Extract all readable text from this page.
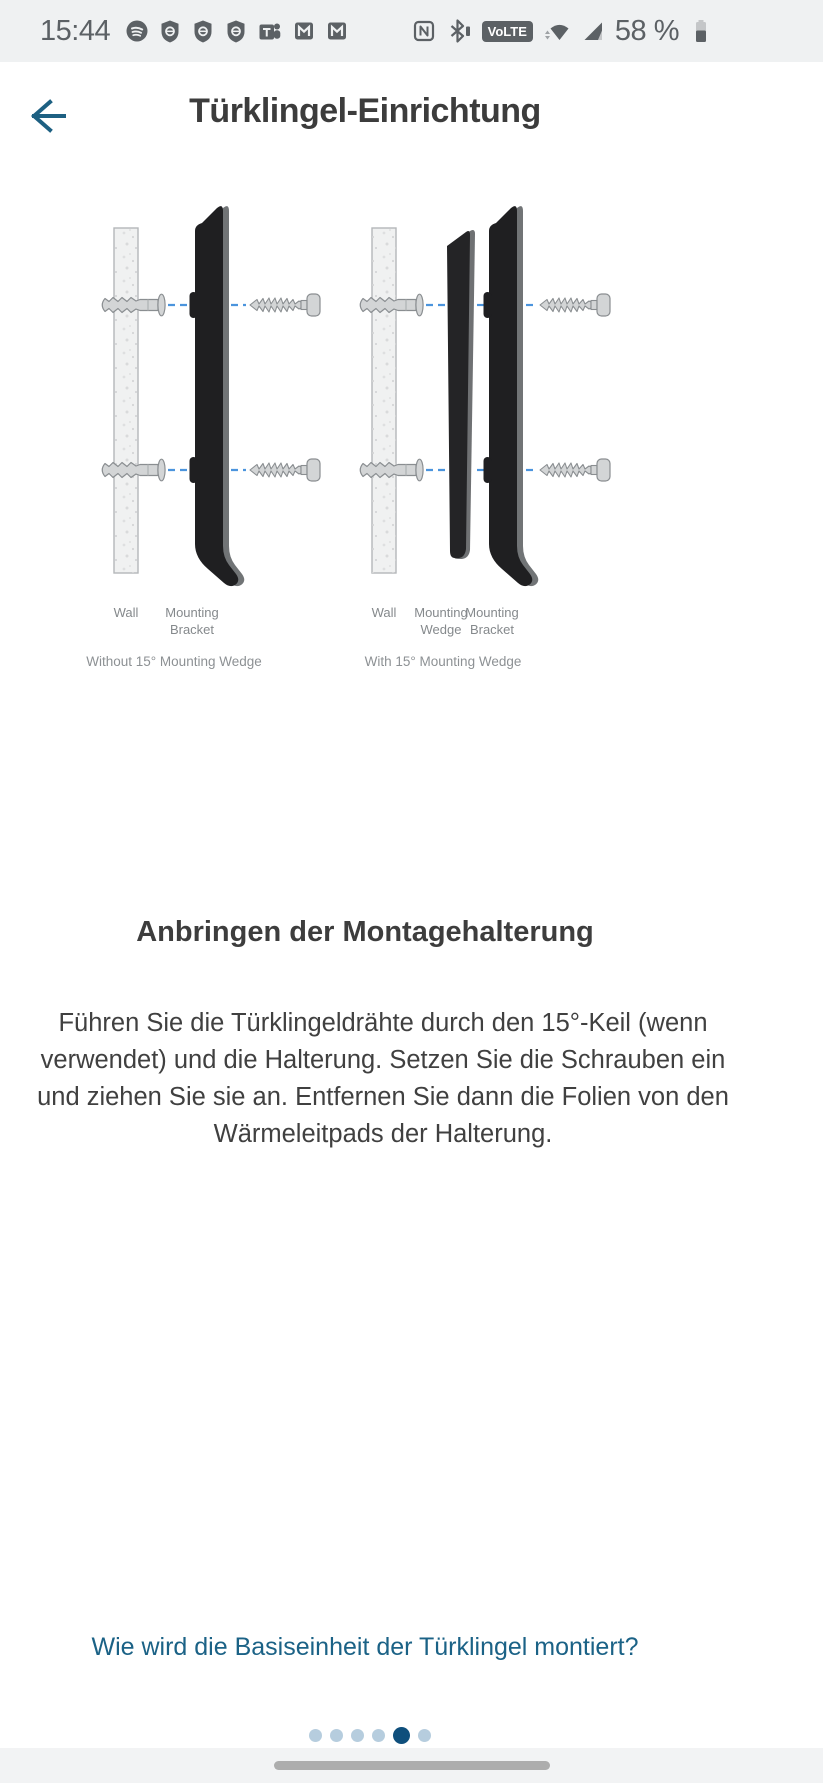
15:44	VoLTE	58 %
Türklingel-Einrichtung
Wall Mounting
Bracket
Without 15° Mounting Wedge
Wall Mounting
Wedge
Mounting
Bracket
With 15° Mounting Wedge
Anbringen der Montagehalterung
Führen Sie die Türklingeldrähte durch den 15°-Keil (wenn verwendet) und die Halterung. Setzen Sie die Schrauben ein und ziehen Sie sie an. Entfernen Sie dann die Folien von den Wärmeleitpads der Halterung.
Wie wird die Basiseinheit der Türklingel montiert?
